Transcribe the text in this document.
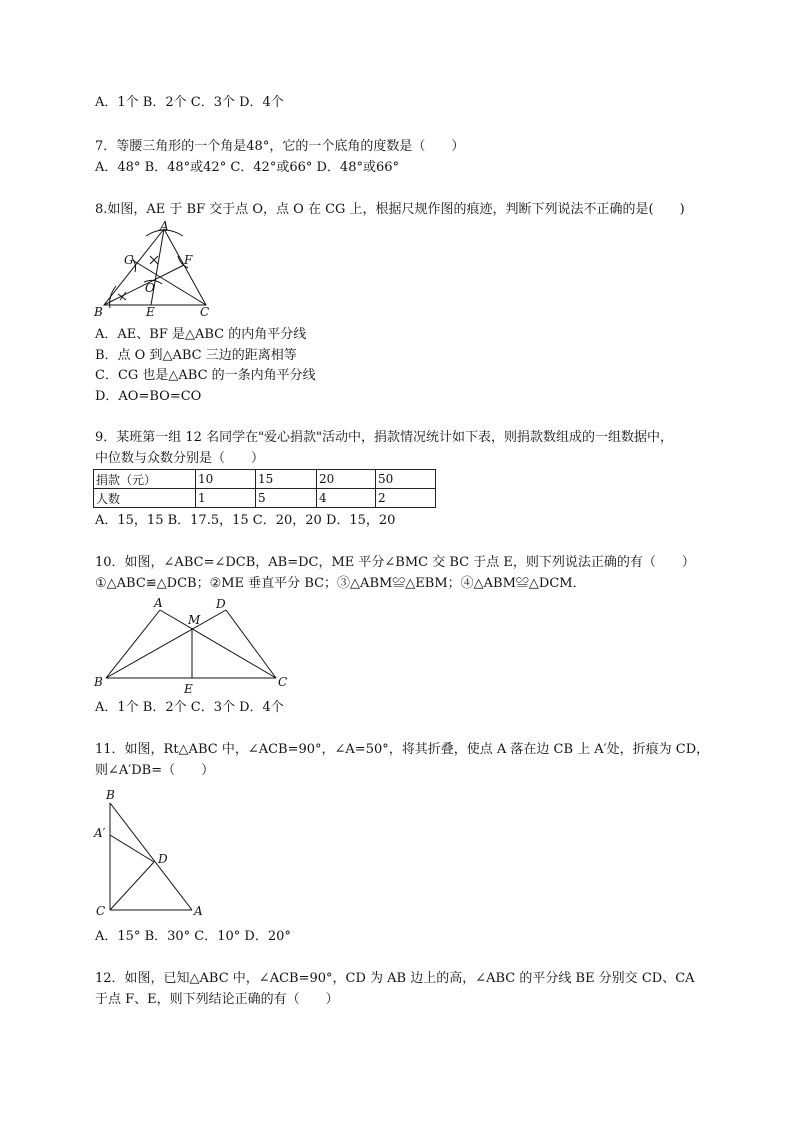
A．1个 B．2个 C．3个 D．4个
7．等腰三角形的一个角是48°，它的一个底角的度数是（　　）
A．48° B．48°或42° C．42°或66° D．48°或66°
8.如图，AE 于 BF 交于点 O，点 O 在 CG 上，根据尺规作图的痕迹，判断下列说法不正确的是(　　)
A
G	F
O
B	E	C
A．AE、BF 是△ABC 的内角平分线
B．点 O 到△ABC 三边的距离相等
C．CG 也是△ABC 的一条内角平分线
D．AO=BO=CO
9．某班第一组 12 名同学在"爱心捐款"活动中，捐款情况统计如下表，则捐款数组成的一组数据中，
中位数与众数分别是（　　）
捐款（元）	10	15	20	50
人数	1	5	4	2
A．15，15 B．17.5，15 C．20，20 D．15，20
10．如图，∠ABC=∠DCB，AB=DC，ME 平分∠BMC 交 BC 于点 E，则下列说法正确的有（　　）
①△ABC≌△DCB；②ME 垂直平分 BC；③△ABM≌△EBM；④△ABM≌△DCM．
A	D
M
B	E	C
A．1个 B．2个 C．3个 D．4个
11．如图，Rt△ABC 中，∠ACB=90°，∠A=50°，将其折叠，使点 A 落在边 CB 上 A′处，折痕为 CD，
则∠A′DB=（　　）
B
A′
D
C	A
A．15° B．30° C．10° D．20°
12．如图，已知△ABC 中，∠ACB=90°，CD 为 AB 边上的高，∠ABC 的平分线 BE 分别交 CD、CA
于点 F、E，则下列结论正确的有（　　）
